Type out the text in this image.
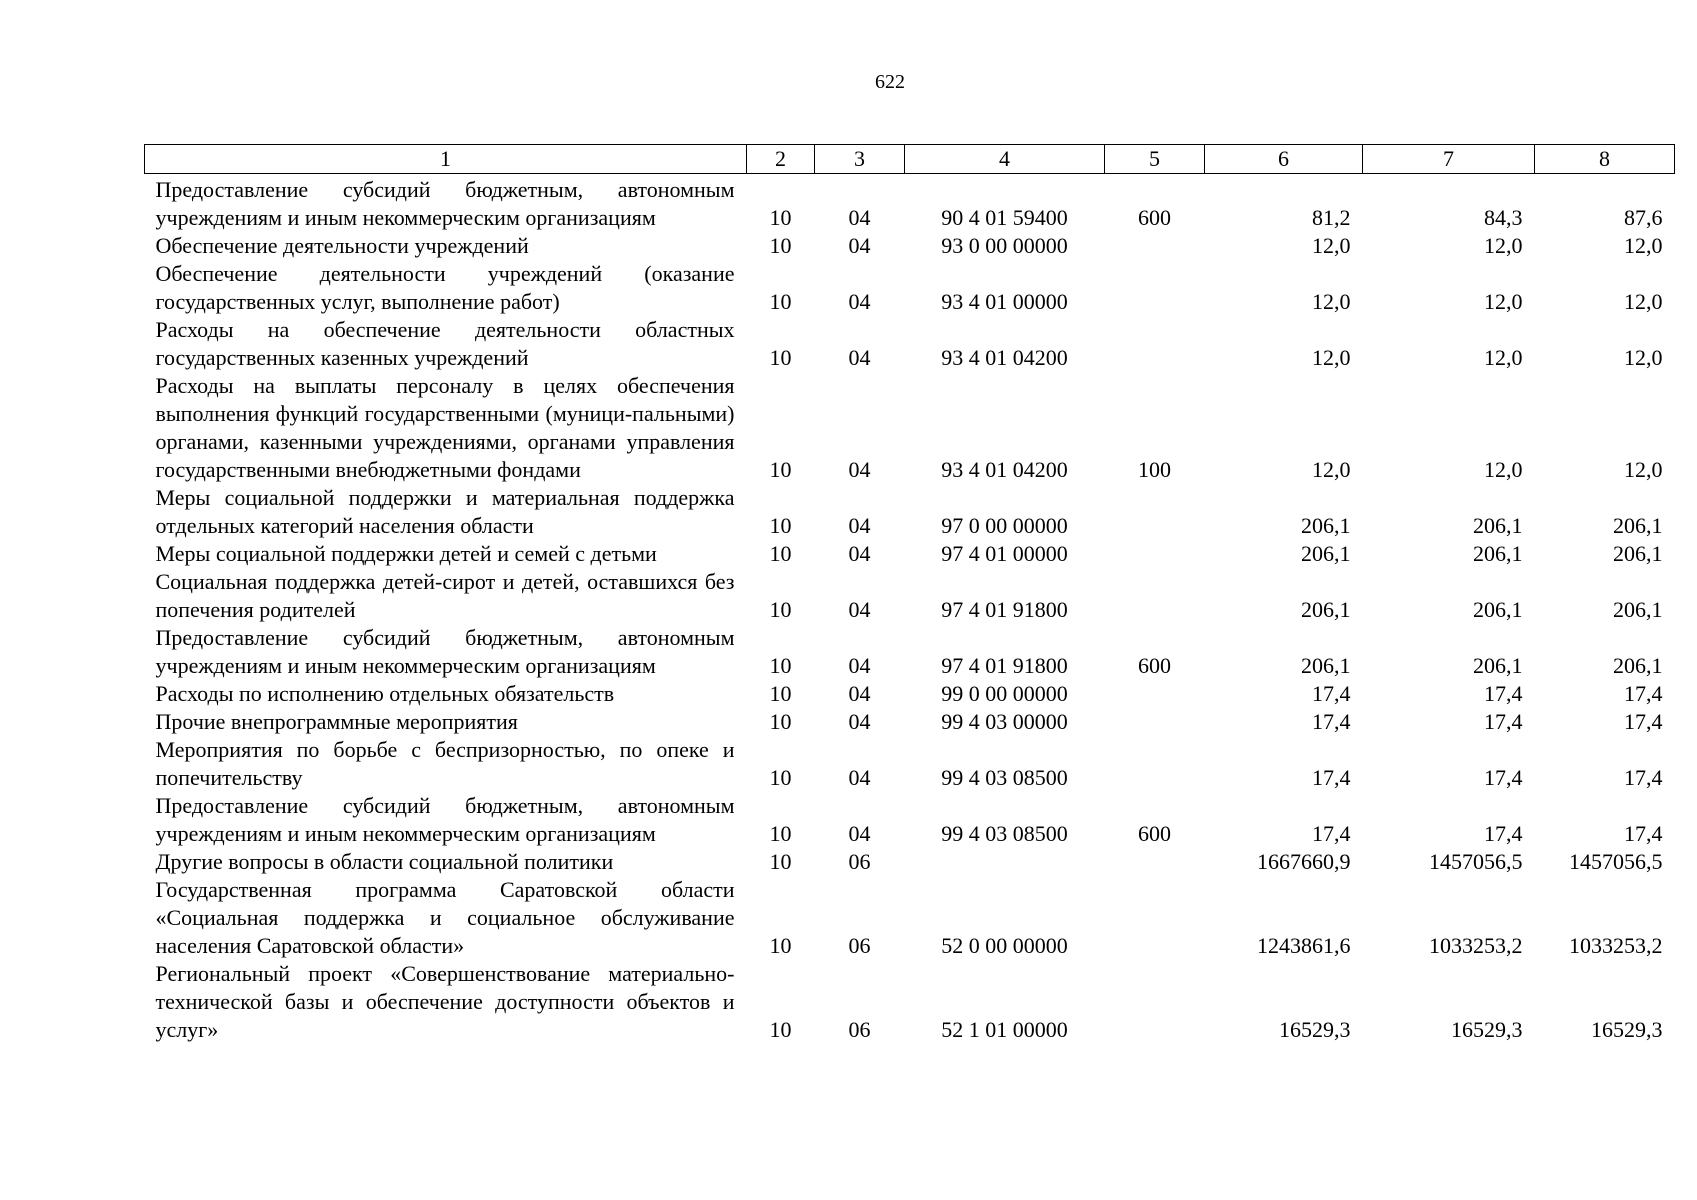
622
1	2	3	4	5	6	7	8
Предоставление субсидий бюджетным, автономным учреждениям и иным некоммерческим организациям	10	04	90 4 01 59400	600	81,2	84,3	87,6
Обеспечение деятельности учреждений	10	04	93 0 00 00000		12,0	12,0	12,0
Обеспечение деятельности учреждений (оказание государственных услуг, выполнение работ)	10	04	93 4 01 00000		12,0	12,0	12,0
Расходы на обеспечение деятельности областных государственных казенных учреждений	10	04	93 4 01 04200		12,0	12,0	12,0
Расходы на выплаты персоналу в целях обеспечения выполнения функций государственными (муници-пальными) органами, казенными учреждениями, органами управления государственными внебюджетными фондами	10	04	93 4 01 04200	100	12,0	12,0	12,0
Меры социальной поддержки и материальная поддержка отдельных категорий населения области	10	04	97 0 00 00000		206,1	206,1	206,1
Меры социальной поддержки детей и семей с детьми	10	04	97 4 01 00000		206,1	206,1	206,1
Социальная поддержка детей-сирот и детей, оставшихся без попечения родителей	10	04	97 4 01 91800		206,1	206,1	206,1
Предоставление субсидий бюджетным, автономным учреждениям и иным некоммерческим организациям	10	04	97 4 01 91800	600	206,1	206,1	206,1
Расходы по исполнению отдельных обязательств	10	04	99 0 00 00000		17,4	17,4	17,4
Прочие внепрограммные мероприятия	10	04	99 4 03 00000		17,4	17,4	17,4
Мероприятия по борьбе с беспризорностью, по опеке и попечительству	10	04	99 4 03 08500		17,4	17,4	17,4
Предоставление субсидий бюджетным, автономным учреждениям и иным некоммерческим организациям	10	04	99 4 03 08500	600	17,4	17,4	17,4
Другие вопросы в области социальной политики	10	06			1667660,9	1457056,5	1457056,5
Государственная программа Саратовской области «Социальная поддержка и социальное обслуживание населения Саратовской области»	10	06	52 0 00 00000		1243861,6	1033253,2	1033253,2
Региональный проект «Совершенствование материально-технической базы и обеспечение доступности объектов и услуг»	10	06	52 1 01 00000		16529,3	16529,3	16529,3
